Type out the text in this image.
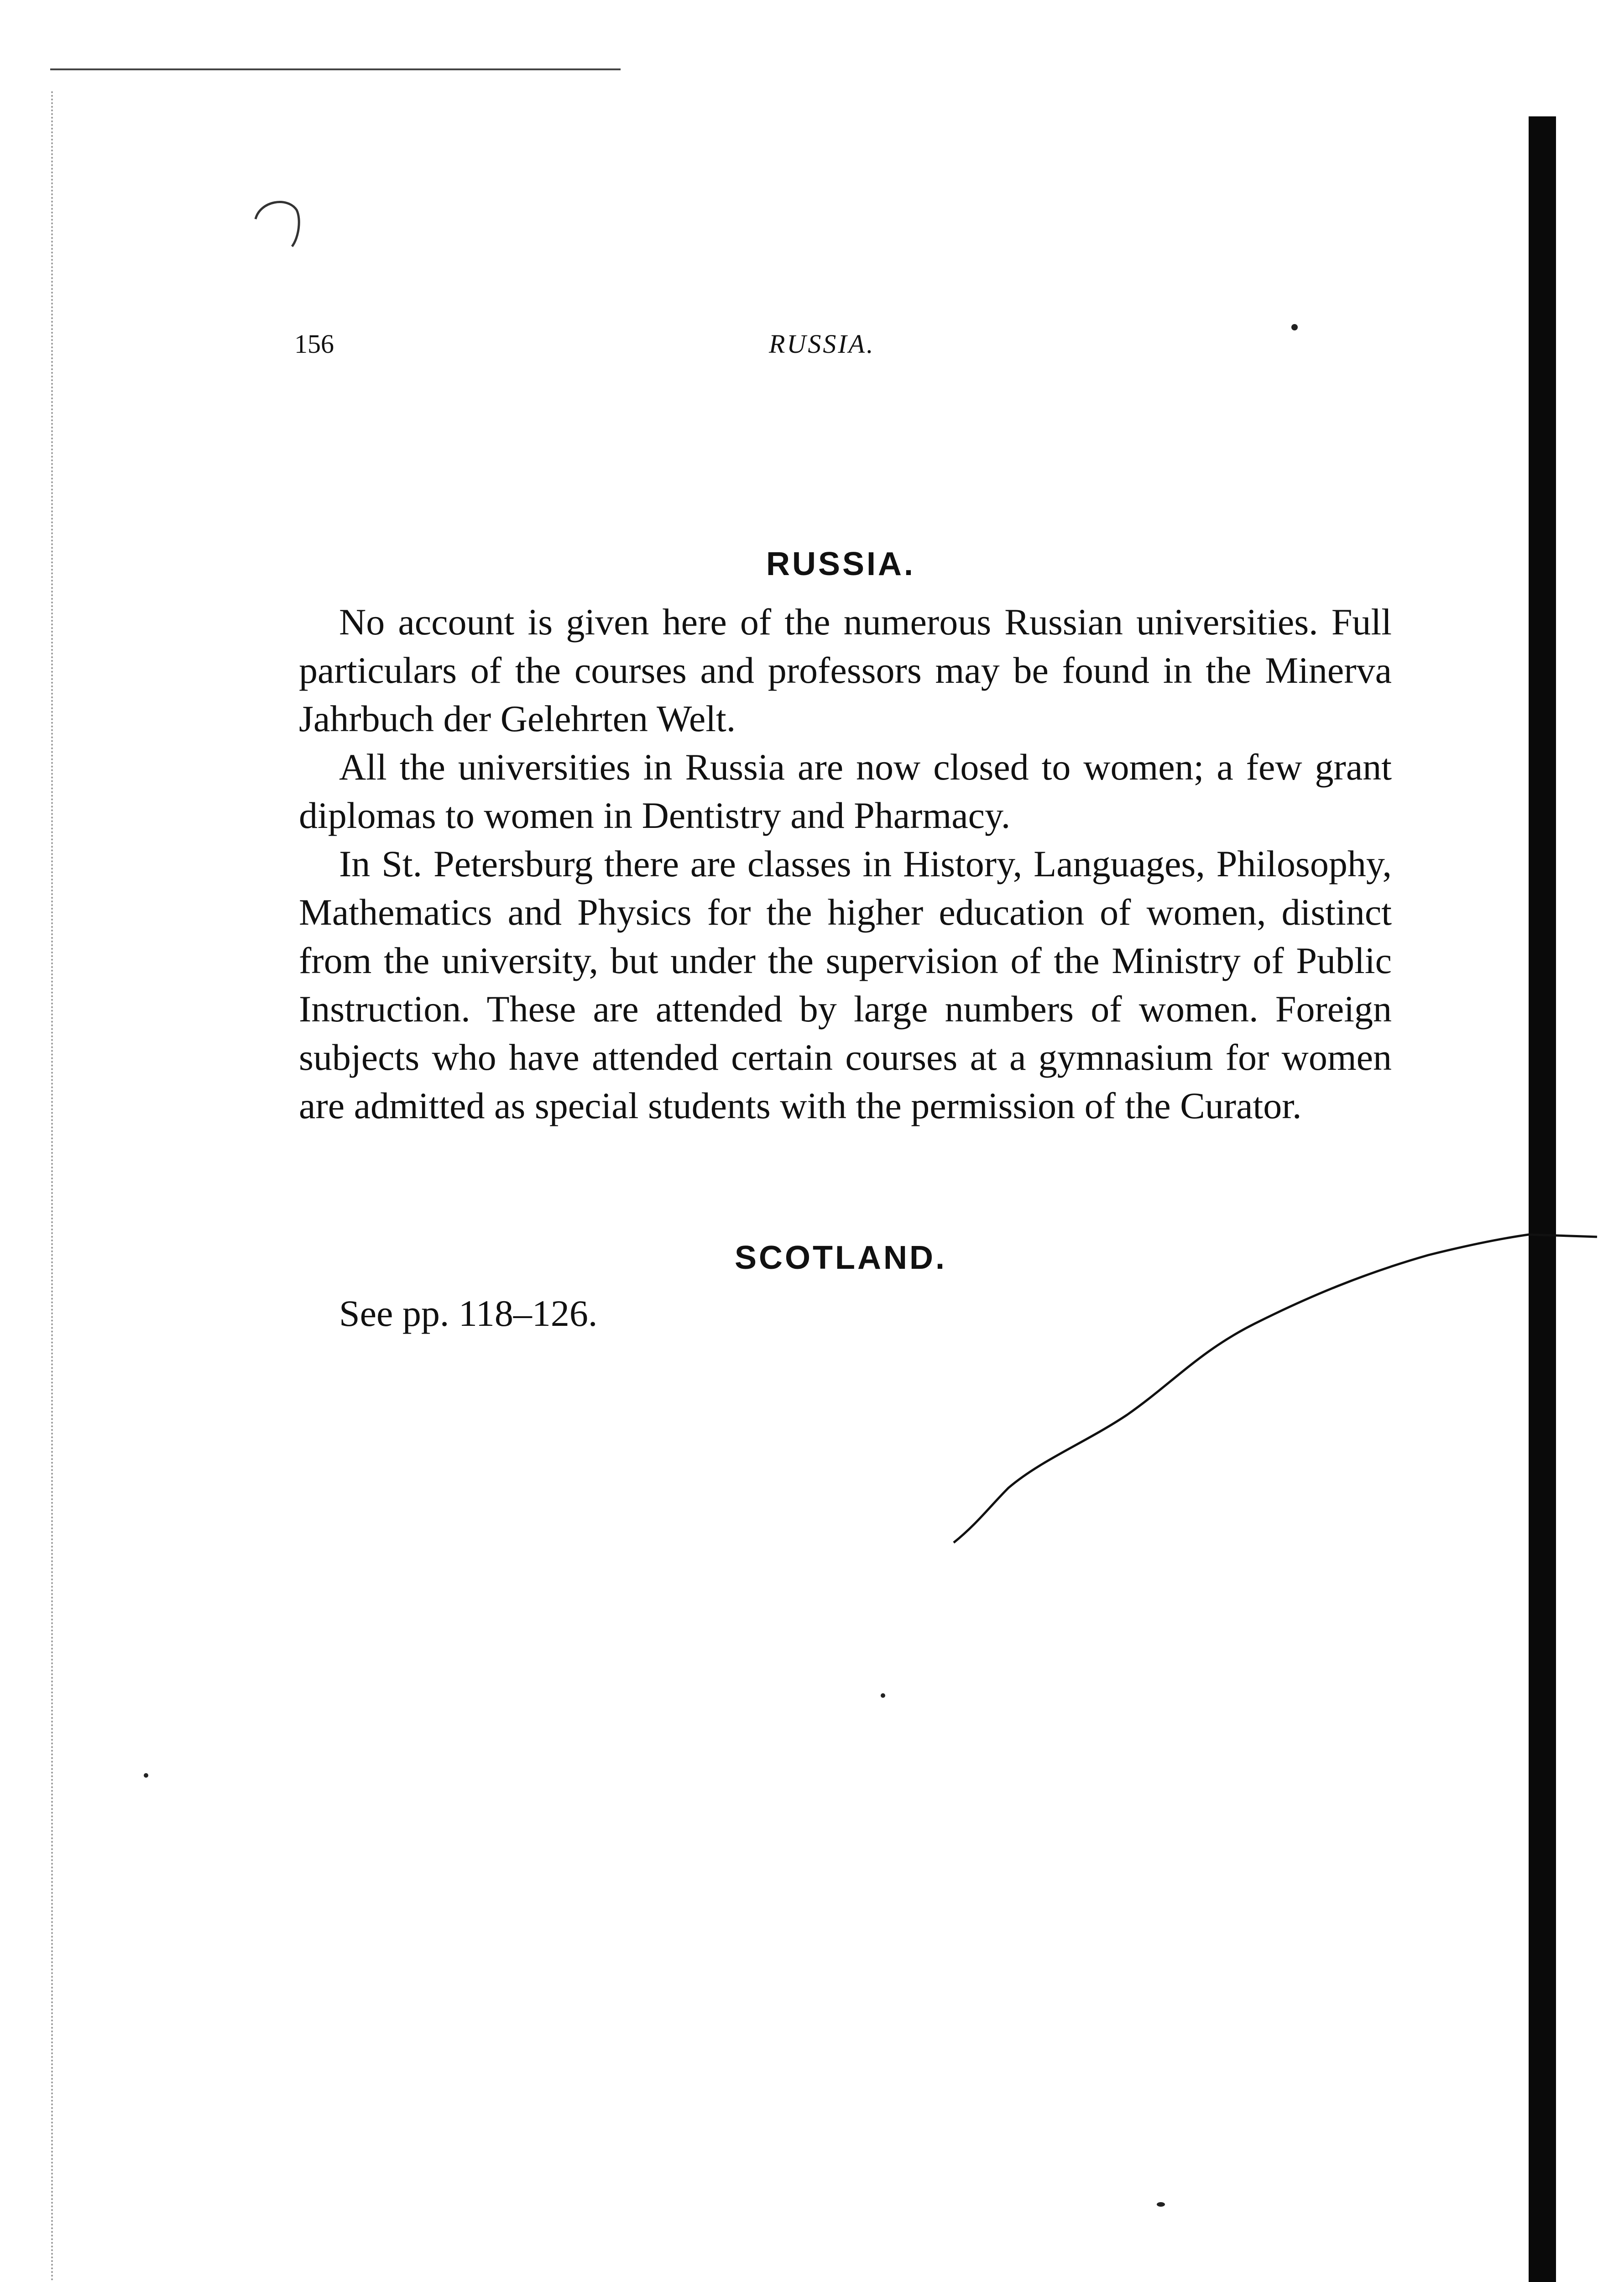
156	RUSSIA.
RUSSIA.

No account is given here of the numerous Russian universities. Full particulars of the courses and professors may be found in the Minerva Jahrbuch der Gelehrten Welt.

All the universities in Russia are now closed to women; a few grant diplomas to women in Dentistry and Pharmacy.

In St. Petersburg there are classes in History, Languages, Philosophy, Mathematics and Physics for the higher education of women, distinct from the university, but under the supervision of the Ministry of Public Instruction. These are attended by large numbers of women. Foreign subjects who have attended certain courses at a gymnasium for women are admitted as special students with the permission of the Curator.

SCOTLAND.

See pp. 118–126.
